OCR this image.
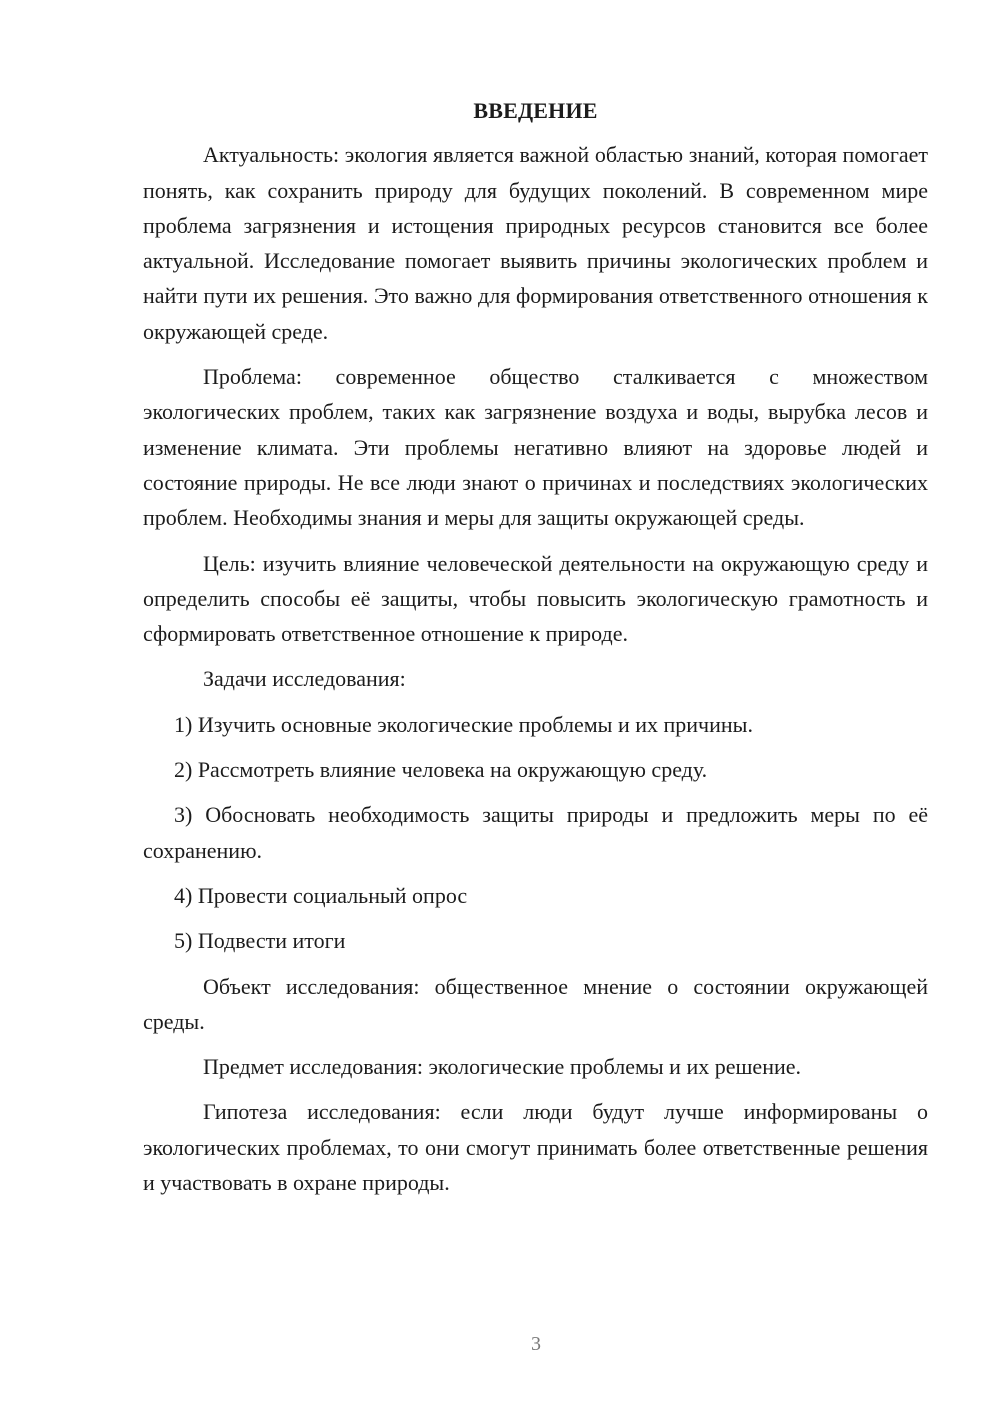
ВВЕДЕНИЕ

Актуальность: экология является важной областью знаний, которая помогает понять, как сохранить природу для будущих поколений. В современном мире проблема загрязнения и истощения природных ресурсов становится все более актуальной. Исследование помогает выявить причины экологических проблем и найти пути их решения. Это важно для формирования ответственного отношения к окружающей среде.

Проблема: современное общество сталкивается с множеством экологических проблем, таких как загрязнение воздуха и воды, вырубка лесов и изменение климата. Эти проблемы негативно влияют на здоровье людей и состояние природы. Не все люди знают о причинах и последствиях экологических проблем. Необходимы знания и меры для защиты окружающей среды.

Цель: изучить влияние человеческой деятельности на окружающую среду и определить способы её защиты, чтобы повысить экологическую грамотность и сформировать ответственное отношение к природе.

Задачи исследования:

1) Изучить основные экологические проблемы и их причины.

2) Рассмотреть влияние человека на окружающую среду.

3) Обосновать необходимость защиты природы и предложить меры по её сохранению.

4) Провести социальный опрос

5) Подвести итоги

Объект исследования: общественное мнение о состоянии окружающей среды.

Предмет исследования: экологические проблемы и их решение.

Гипотеза исследования: если люди будут лучше информированы о экологических проблемах, то они смогут принимать более ответственные решения и участвовать в охране природы.

3
